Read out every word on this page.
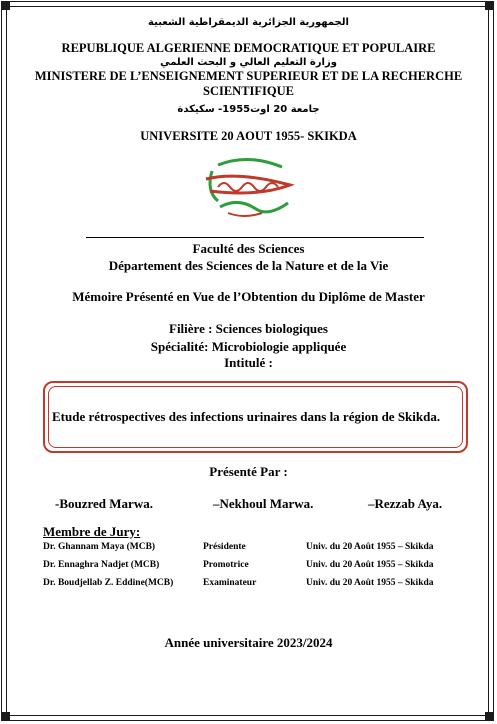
الجمهورية الجزائرية الديمقراطية الشعبية
REPUBLIQUE ALGERIENNE DEMOCRATIQUE ET POPULAIRE
وزارة التعليم العالي و البحث العلمي
MINISTERE DE L’ENSEIGNEMENT SUPERIEUR ET DE LA RECHERCHE
SCIENTIFIQUE
جامعة 20 اوت1955- سكيكدة
UNIVERSITE 20 AOUT 1955- SKIKDA
Faculté des Sciences
Département des Sciences de la Nature et de la Vie
Mémoire Présenté en Vue de l’Obtention du Diplôme de Master
Filière : Sciences biologiques
Spécialité: Microbiologie appliquée
Intitulé :
Etude rétrospectives des infections urinaires dans la région de Skikda.
Présenté Par :
-Bouzred Marwa.	–Nekhoul Marwa.	–Rezzab Aya.
Membre de Jury:
Dr. Ghannam Maya (MCB)	Présidente	Univ. du 20 Août 1955 – Skikda
Dr. Ennaghra Nadjet (MCB)	Promotrice	Univ. du 20 Août 1955 – Skikda
Dr. Boudjellab Z. Eddine(MCB)	Examinateur	Univ. du 20 Août 1955 – Skikda
Année universitaire 2023/2024
